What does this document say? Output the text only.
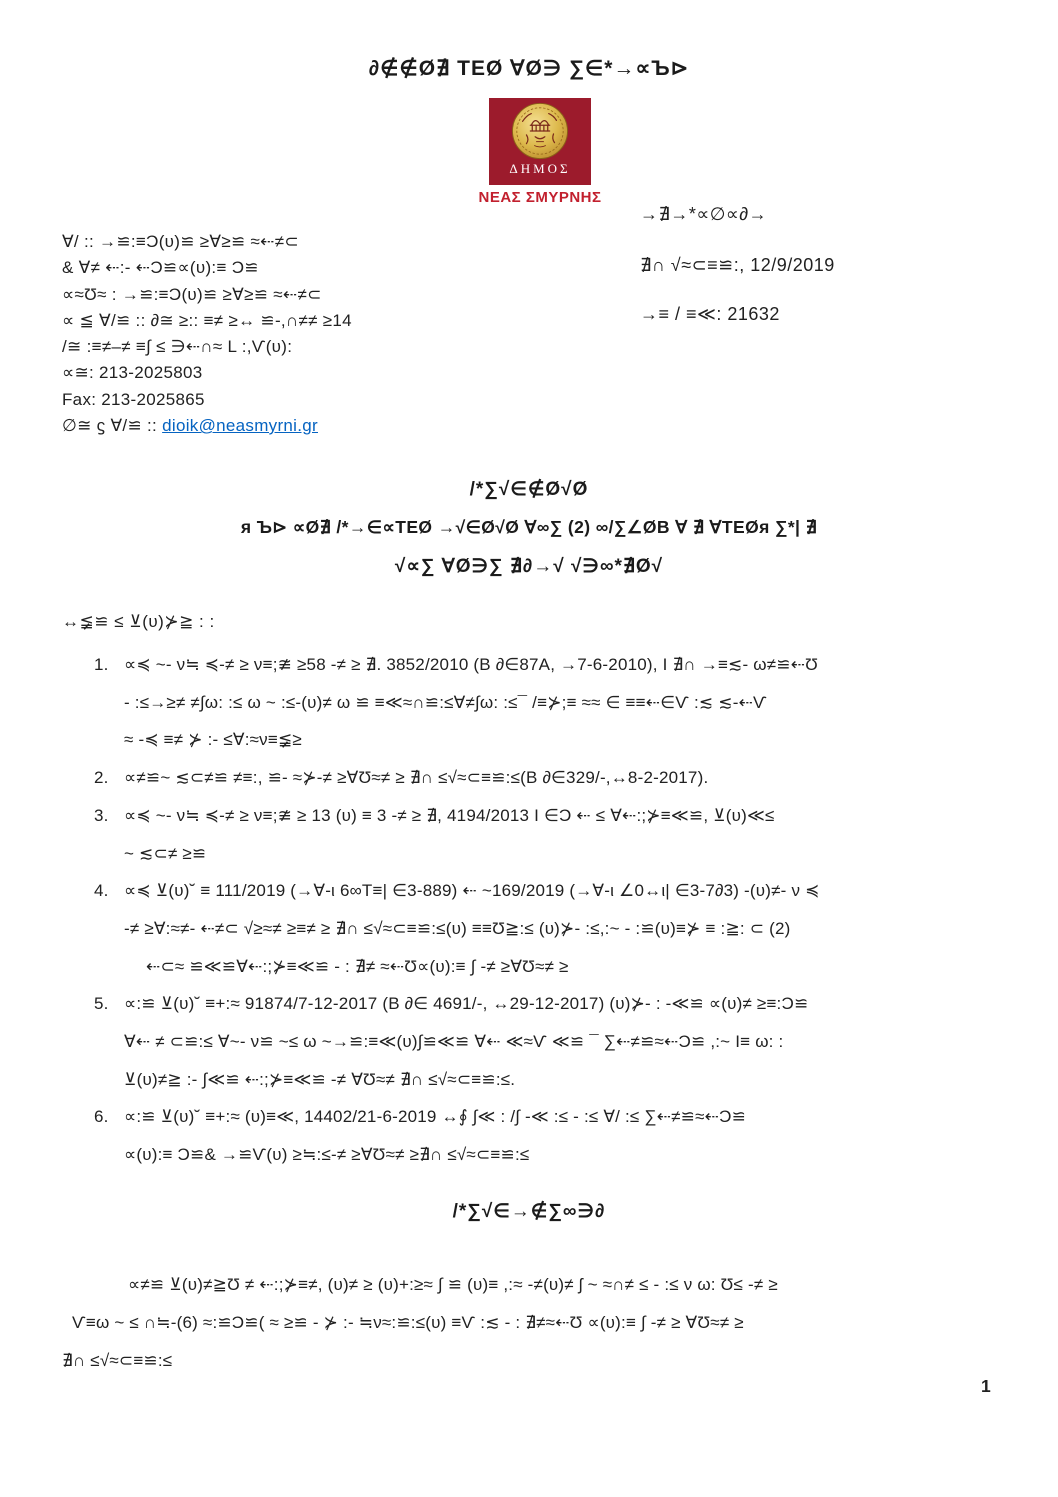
∂∉∉Ø∄ ΤΕØ ∀Ø∋ ∑∈*→∝Ъ⊳
ΔΗΜΟΣ
ΝΕΑΣ ΣΜΥΡΝΗΣ
→∄→*∝∅∝∂→
∄∩ √≈⊂≡≌:, 12/9/2019
→≡ / ≡≪: 21632
∀/ :: →≌:≡Ɔ(υ)≌ ≥∀≥≌ ≈⇠≠⊂
& ∀≠ ⇠:- ⇠Ɔ≌∝(υ):≡ Ɔ≌
∝≈Ʊ≈ : →≌:≡Ɔ(υ)≌ ≥∀≥≌ ≈⇠≠⊂
∝ ≦ ∀/≌ :: ∂≅ ≥:: ≡≠ ≥↔ ≌-,∩≠≠ ≥14
/≅ :≡≠–≠ ≡∫ ≤ ∋⇠∩≈ L :,Ѵ(υ):
∝≅: 213-2025803
Fax: 213-2025865
∅≅ ϛ ∀/≌ :: dioik@neasmyrni.gr
/*∑√∈∉Ø√Ø
я Ъ⊳ ∝Ø∄ /*→∈∝ΤΕØ →√∈Ø√Ø ∀∞∑ (2) ∞/∑∠ØΒ ∀ ∄ ∀ΤΕØя ∑*| ∄
√∝∑ ∀Ø∋∑ ∄∂→√ √∋∞*∄Ø√
↔≨≌ ≤ ⊻(υ)⊁≧ : :
1. ∝≼ ~- ν≒ ≼-≠ ≥ ν≡;≇ ≥58 -≠ ≥ ∄. 3852/2010 (Β ∂∈87Α, →7-6-2010), Ι ∄∩ →≡≲- ω≠≌⇠Ʊ
- :≤→≥≠ ≠∫ω: :≤ ω ~ :≤-(υ)≠ ω ≌ ≡≪≈∩≌:≤∀≠∫ω: :≤¯ /≡⊁;≡ ≈≈ ∈ ≡≡⇠∈Ѵ :≲ ≲-⇠Ѵ
≈ -≼ ≡≠ ⊁ :- ≤∀:≈ν≡≨≥
2. ∝≠≌~ ≲⊂≠≌ ≠≡:, ≌- ≈⊁-≠ ≥∀Ʊ≈≠ ≥ ∄∩ ≤√≈⊂≡≌:≤(Β ∂∈329/-,↔8-2-2017).
3. ∝≼ ~- ν≒ ≼-≠ ≥ ν≡;≇ ≥ 13 (υ) ≡ 3 -≠ ≥ ∄, 4194/2013 Ι ∈Ɔ ⇠ ≤ ∀⇠:;⊁≡≪≌, ⊻(υ)≪≤
~ ≲⊂≠ ≥≌
4. ∝≼ ⊻(υ)˘ ≡ 111/2019 (→∀-ι 6∞Τ≡| ∈3-889) ⇠ ~169/2019 (→∀-ι ∠0↔ι| ∈3-7∂3) -(υ)≠- ν ≼
-≠ ≥∀:≈≠- ⇠≠⊂ √≥≈≠ ≥≡≠ ≥ ∄∩ ≤√≈⊂≡≌:≤(υ) ≡≡Ʊ≧:≤ (υ)⊁- :≤,:~ - :≌(υ)≡⊁ ≡ :≧: ⊂ (2)
⇠⊂≈ ≌≪≌∀⇠:;⊁≡≪≌ - : ∄≠ ≈⇠Ʊ∝(υ):≡ ∫ -≠ ≥∀Ʊ≈≠ ≥
5. ∝:≌ ⊻(υ)˘ ≡+:≈ 91874/7-12-2017 (Β ∂∈ 4691/-, ↔29-12-2017) (υ)⊁- : -≪≌ ∝(υ)≠ ≥≡:Ɔ≌
∀⇠ ≠ ⊂≌:≤ ∀~- ν≌ ~≤ ω ~→≌:≡≪(υ)∫≌≪≌ ∀⇠ ≪≈Ѵ ≪≌ ¯ ∑⇠≠≌≈⇠Ɔ≌ ,:~ Ι≡ ω: :
⊻(υ)≠≧ :- ∫≪≌ ⇠:;⊁≡≪≌ -≠ ∀Ʊ≈≠ ∄∩ ≤√≈⊂≡≌:≤.
6. ∝:≌ ⊻(υ)˘ ≡+:≈ (υ)≡≪, 14402/21-6-2019 ↔∮ ∫≪ : /∫ -≪ :≤ - :≤ ∀/ :≤ ∑⇠≠≌≈⇠Ɔ≌
∝(υ):≡ Ɔ≌& →≌Ѵ(υ) ≥≒:≤-≠ ≥∀Ʊ≈≠ ≥∄∩ ≤√≈⊂≡≌:≤
/*∑√∈→∉∑∞∋∂
∝≠≌ ⊻(υ)≠≧Ʊ ≠ ⇠:;⊁≡≠, (υ)≠ ≥ (υ)+:≥≈ ∫ ≌ (υ)≡ ,:≈ -≠(υ)≠ ʃ ~ ≈∩≠ ≤ - :≤ ν ω: Ʊ≤ -≠ ≥
Ѵ≡ω ~ ≤ ∩≒-(6) ≈:≌Ɔ≌( ≈ ≥≌ - ⊁ :- ≒ν≈:≌:≤(υ) ≡Ѵ :≲ - : ∄≠≈⇠Ʊ ∝(υ):≡ ∫ -≠ ≥ ∀Ʊ≈≠ ≥
∄∩ ≤√≈⊂≡≌:≤
1
